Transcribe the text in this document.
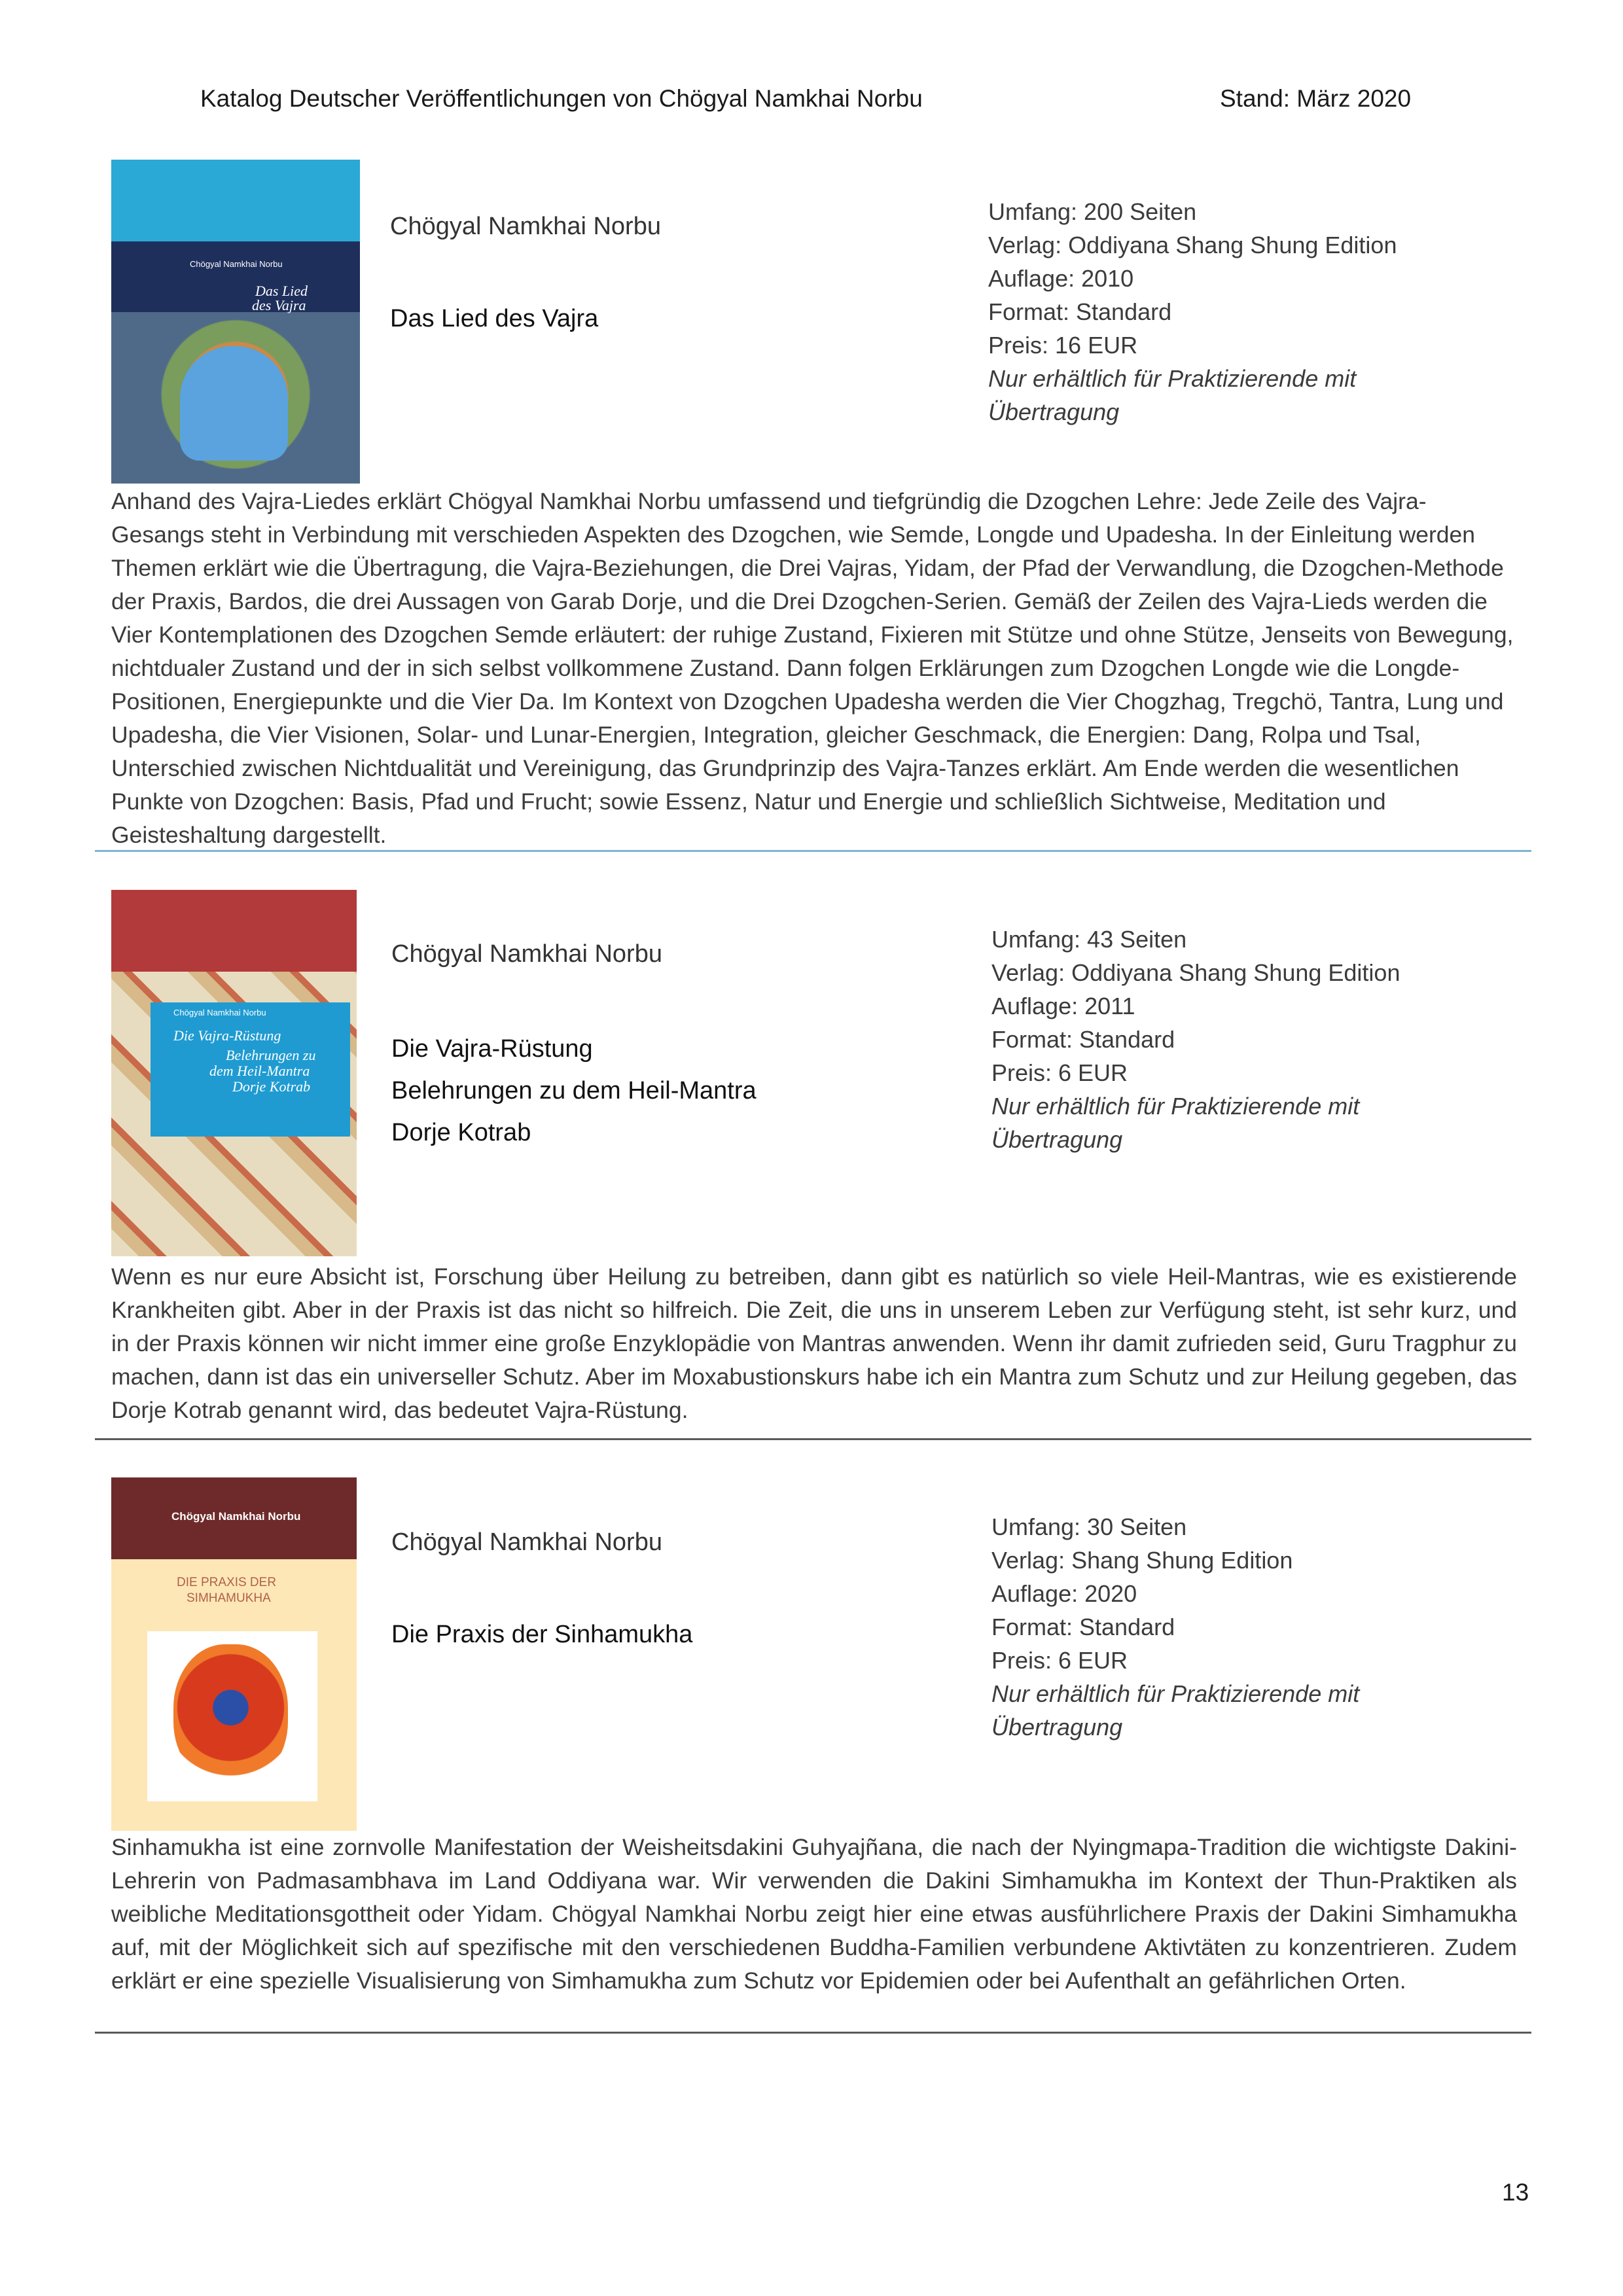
Katalog Deutscher Veröffentlichungen von Chögyal Namkhai Norbu	Stand: März 2020
Chögyal Namkhai Norbu
Das Lied
des Vajra
Chögyal Namkhai Norbu
Das Lied des Vajra
Umfang: 200 Seiten
Verlag: Oddiyana Shang Shung Edition
Auflage: 2010
Format: Standard
Preis: 16 EUR
Nur erhältlich für Praktizierende mit
Übertragung
Anhand des Vajra-Liedes erklärt Chögyal Namkhai Norbu umfassend und tiefgründig die Dzogchen Lehre: Jede Zeile des Vajra-Gesangs steht in Verbindung mit verschieden Aspekten des Dzogchen, wie Semde, Longde und Upadesha. In der Einleitung werden Themen erklärt wie die Übertragung, die Vajra-Beziehungen, die Drei Vajras, Yidam, der Pfad der Verwandlung, die Dzogchen-Methode der Praxis, Bardos, die drei Aussagen von Garab Dorje, und die Drei Dzogchen-Serien. Gemäß der Zeilen des Vajra-Lieds werden die Vier Kontemplationen des Dzogchen Semde erläutert: der ruhige Zustand, Fixieren mit Stütze und ohne Stütze, Jenseits von Bewegung, nichtdualer Zustand und der in sich selbst vollkommene Zustand. Dann folgen Erklärungen zum Dzogchen Longde wie die Longde-Positionen, Energiepunkte und die Vier Da. Im Kontext von Dzogchen Upadesha werden die Vier Chogzhag, Tregchö, Tantra, Lung und Upadesha, die Vier Visionen, Solar- und Lunar-Energien, Integration, gleicher Geschmack, die Energien: Dang, Rolpa und Tsal, Unterschied zwischen Nichtdualität und Vereinigung, das Grundprinzip des Vajra-Tanzes erklärt. Am Ende werden die wesentlichen Punkte von Dzogchen: Basis, Pfad und Frucht; sowie Essenz, Natur und Energie und schließlich Sichtweise, Meditation und Geisteshaltung dargestellt.
Chögyal Namkhai Norbu
Die Vajra-Rüstung
Belehrungen zu
dem Heil-Mantra
Dorje Kotrab
Chögyal Namkhai Norbu
Die Vajra-Rüstung
Belehrungen zu dem Heil-Mantra
Dorje Kotrab
Umfang: 43 Seiten
Verlag: Oddiyana Shang Shung Edition
Auflage: 2011
Format: Standard
Preis: 6 EUR
Nur erhältlich für Praktizierende mit
Übertragung
Wenn es nur eure Absicht ist, Forschung über Heilung zu betreiben, dann gibt es natürlich so viele Heil-Mantras, wie es existierende Krankheiten gibt. Aber in der Praxis ist das nicht so hilfreich. Die Zeit, die uns in unserem Leben zur Verfügung steht, ist sehr kurz, und in der Praxis können wir nicht immer eine große Enzyklopädie von Mantras anwenden. Wenn ihr damit zufrieden seid, Guru Tragphur zu machen, dann ist das ein universeller Schutz. Aber im Moxabustionskurs habe ich ein Mantra zum Schutz und zur Heilung gegeben, das Dorje Kotrab genannt wird, das bedeutet Vajra-Rüstung.
Chögyal Namkhai Norbu
DIE PRAXIS DER
SIMHAMUKHA
Chögyal Namkhai Norbu
Die Praxis der Sinhamukha
Umfang: 30 Seiten
Verlag: Shang Shung Edition
Auflage: 2020
Format: Standard
Preis: 6 EUR
Nur erhältlich für Praktizierende mit
Übertragung
Sinhamukha ist eine zornvolle Manifestation der Weisheitsdakini Guhyajñana, die nach der Nyingmapa-Tradition die wichtigste Dakini-Lehrerin von Padmasambhava im Land Oddiyana war. Wir verwenden die Dakini Simhamukha im Kontext der Thun-Praktiken als weibliche Meditationsgottheit oder Yidam. Chögyal Namkhai Norbu zeigt hier eine etwas ausführlichere Praxis der Dakini Simhamukha auf, mit der Möglichkeit sich auf spezifische mit den verschiedenen Buddha-Familien verbundene Aktivtäten zu konzentrieren. Zudem erklärt er eine spezielle Visualisierung von Simhamukha zum Schutz vor Epidemien oder bei Aufenthalt an gefährlichen Orten.
13
